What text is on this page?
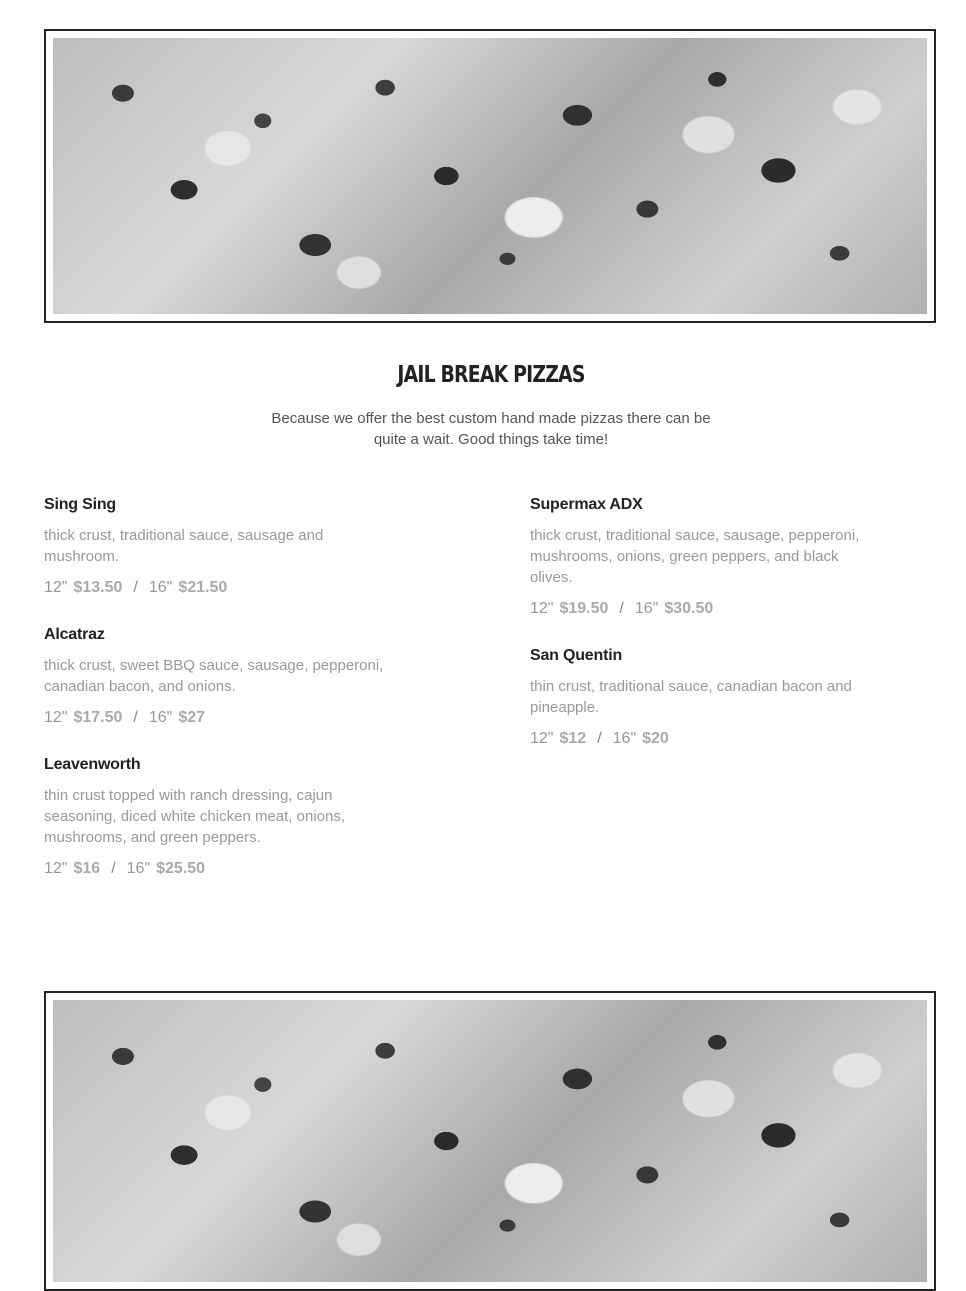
JAIL BREAK PIZZAS
Because we offer the best custom hand made pizzas there can be quite a wait. Good things take time!
Sing Sing
thick crust, traditional sauce, sausage and mushroom.
12" $13.50 / 16" $21.50
Alcatraz
thick crust, sweet BBQ sauce, sausage, pepperoni, canadian bacon, and onions.
12" $17.50 / 16" $27
Leavenworth
thin crust topped with ranch dressing, cajun seasoning, diced white chicken meat, onions, mushrooms, and green peppers.
12" $16 / 16" $25.50
Supermax ADX
thick crust, traditional sauce, sausage, pepperoni, mushrooms, onions, green peppers, and black olives.
12" $19.50 / 16" $30.50
San Quentin
thin crust, traditional sauce, canadian bacon and pineapple.
12" $12 / 16" $20
